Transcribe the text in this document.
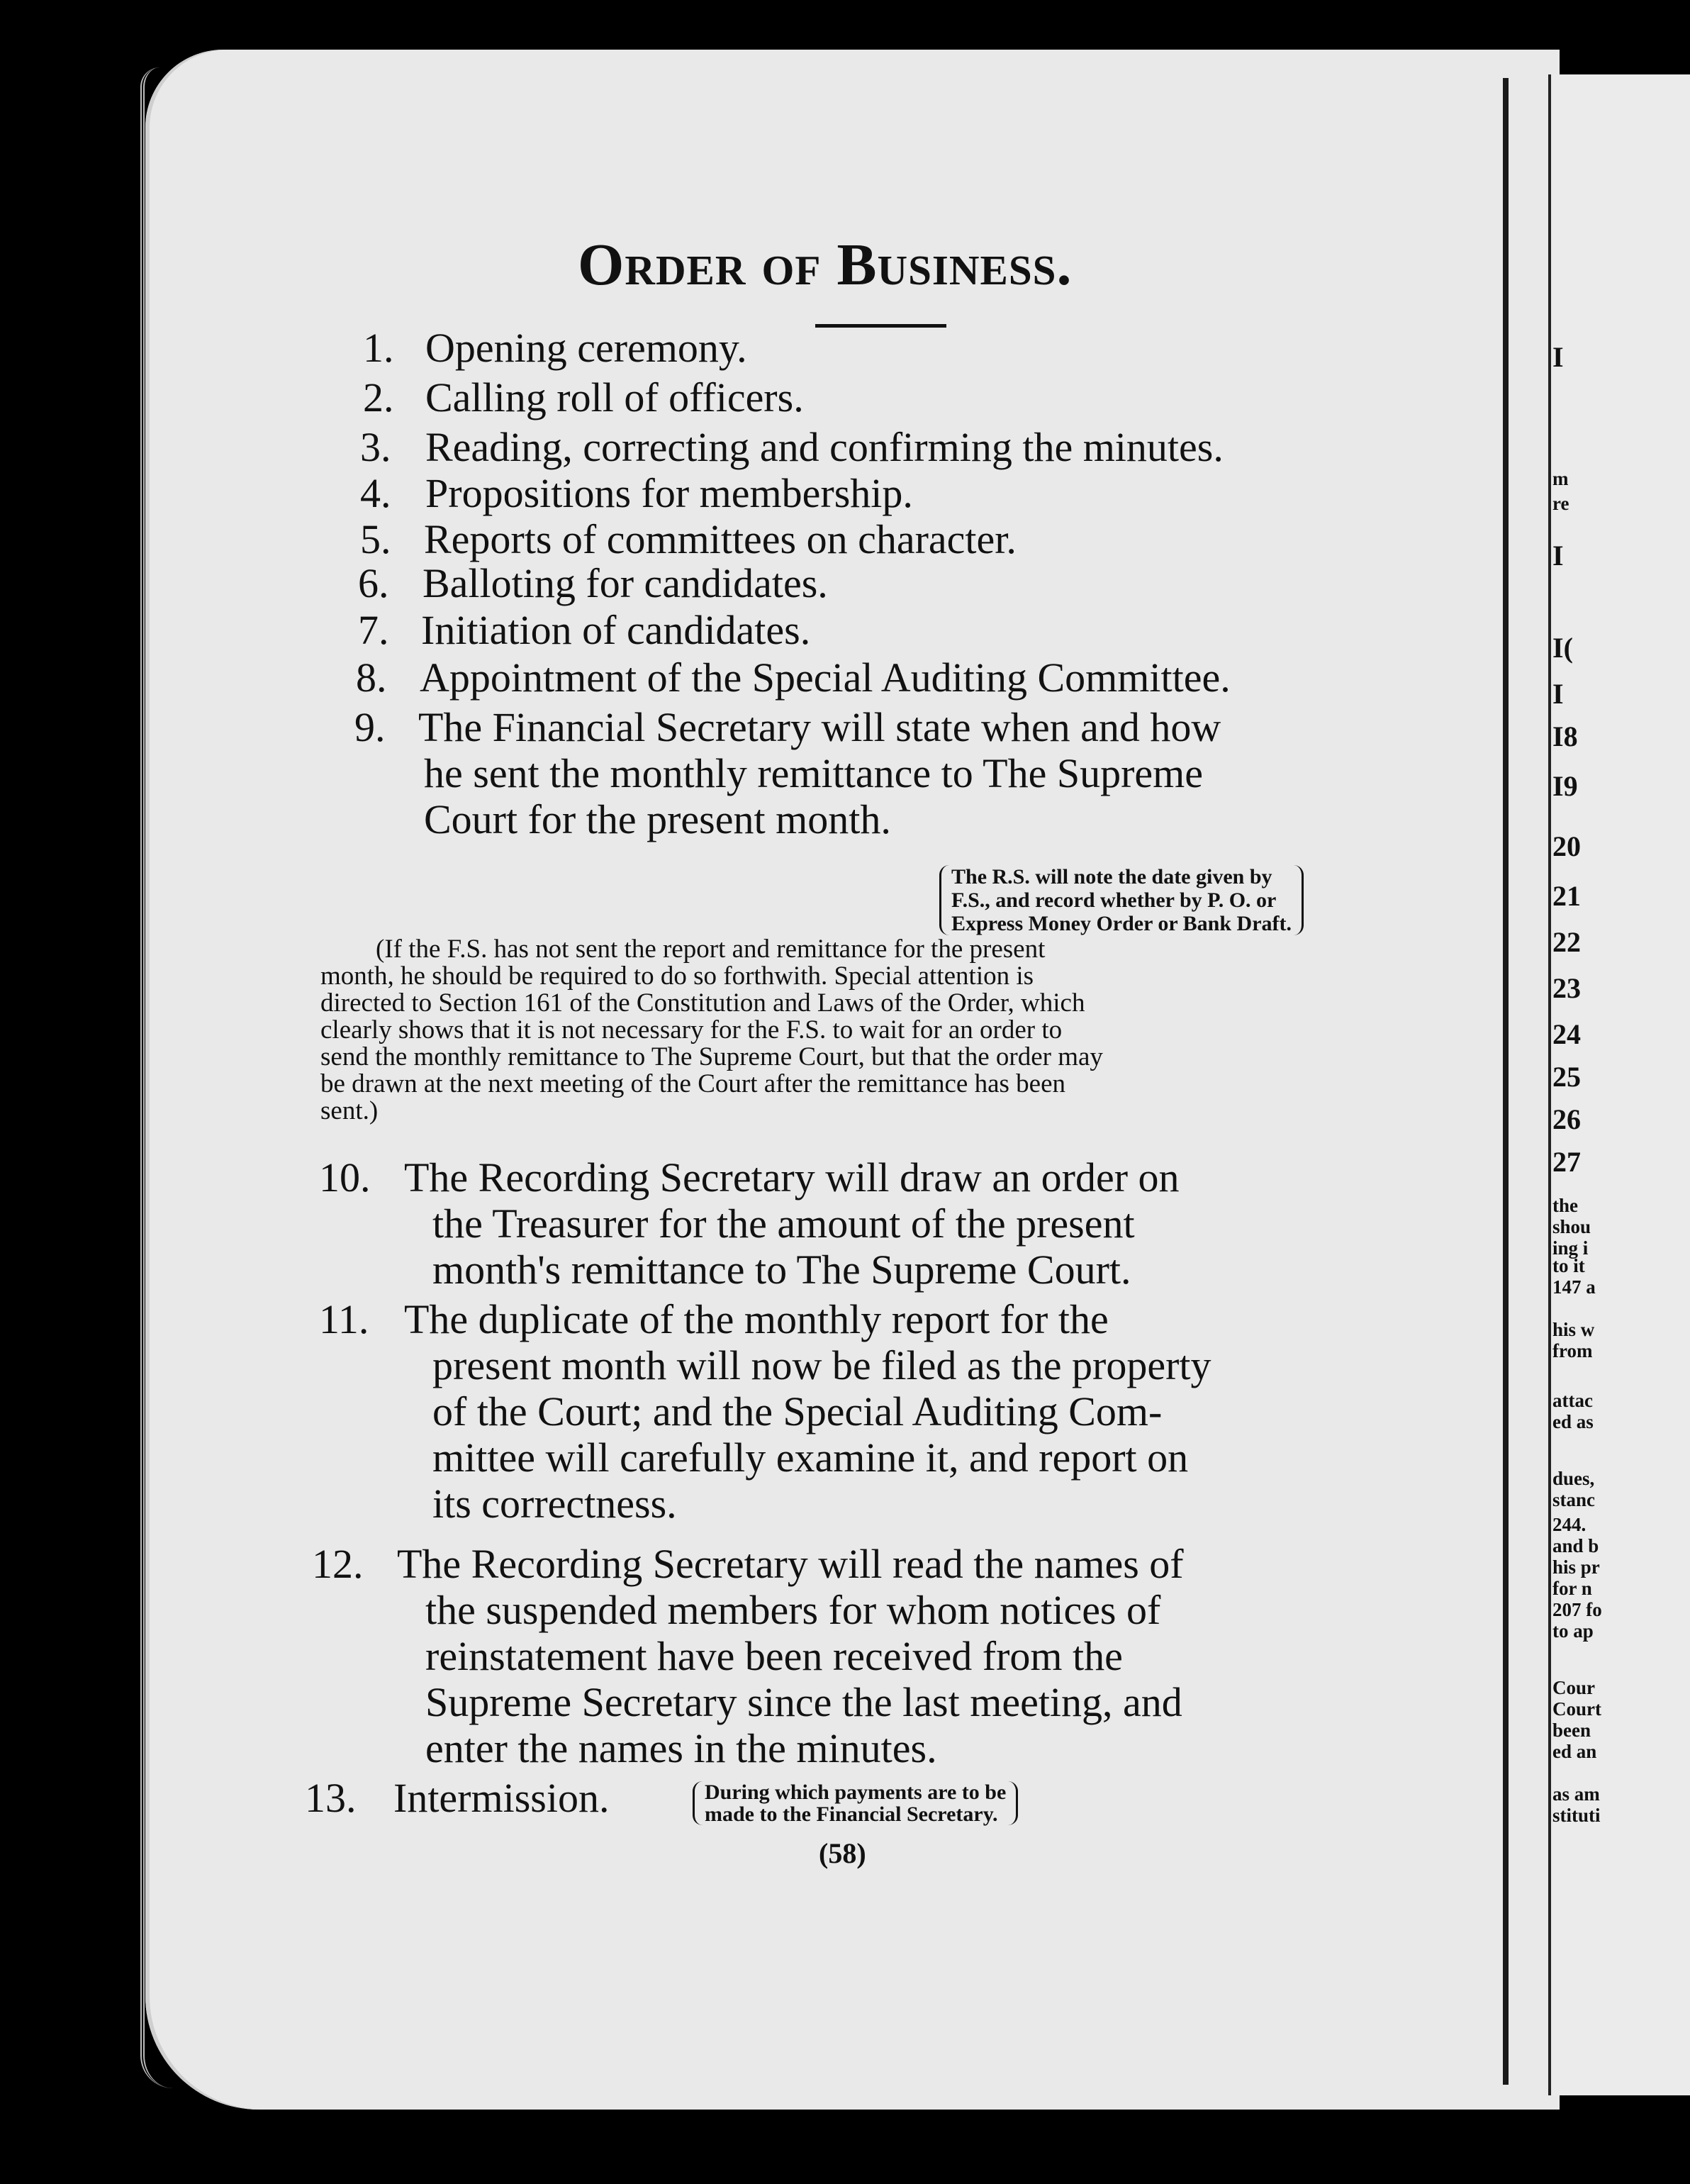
I
m
re
I
I(
I
I8
I9
20
21
22
23
24
25
26
27
the
shou
ing i
to it
147 a
his w
from
attac
ed as
dues,
stanc
244.
and b
his pr
for n
207 fo
to ap
Cour
Court
been
ed an
as am
stituti
Order of Business.
1. Opening ceremony.
2. Calling roll of officers.
3. Reading, correcting and confirming the minutes.
4. Propositions for membership.
5. Reports of committees on character.
6. Balloting for candidates.
7. Initiation of candidates.
8. Appointment of the Special Auditing Committee.
9. The Financial Secretary will state when and how
he sent the monthly remittance to The Supreme
Court for the present month.
The R.S. will note the date given by
F.S., and record whether by P. O. or
Express Money Order or Bank Draft.
(If the F.S. has not sent the report and remittance for the present
month, he should be required to do so forthwith. Special attention is
directed to Section 161 of the Constitution and Laws of the Order, which
clearly shows that it is not necessary for the F.S. to wait for an order to
send the monthly remittance to The Supreme Court, but that the order may
be drawn at the next meeting of the Court after the remittance has been
sent.)
10. The Recording Secretary will draw an order on
the Treasurer for the amount of the present
month's remittance to The Supreme Court.
11. The duplicate of the monthly report for the
present month will now be filed as the property
of the Court; and the Special Auditing Com-
mittee will carefully examine it, and report on
its correctness.
12. The Recording Secretary will read the names of
the suspended members for whom notices of
reinstatement have been received from the
Supreme Secretary since the last meeting, and
enter the names in the minutes.
13. Intermission.	During which payments are to be
made to the Financial Secretary.
(58)
